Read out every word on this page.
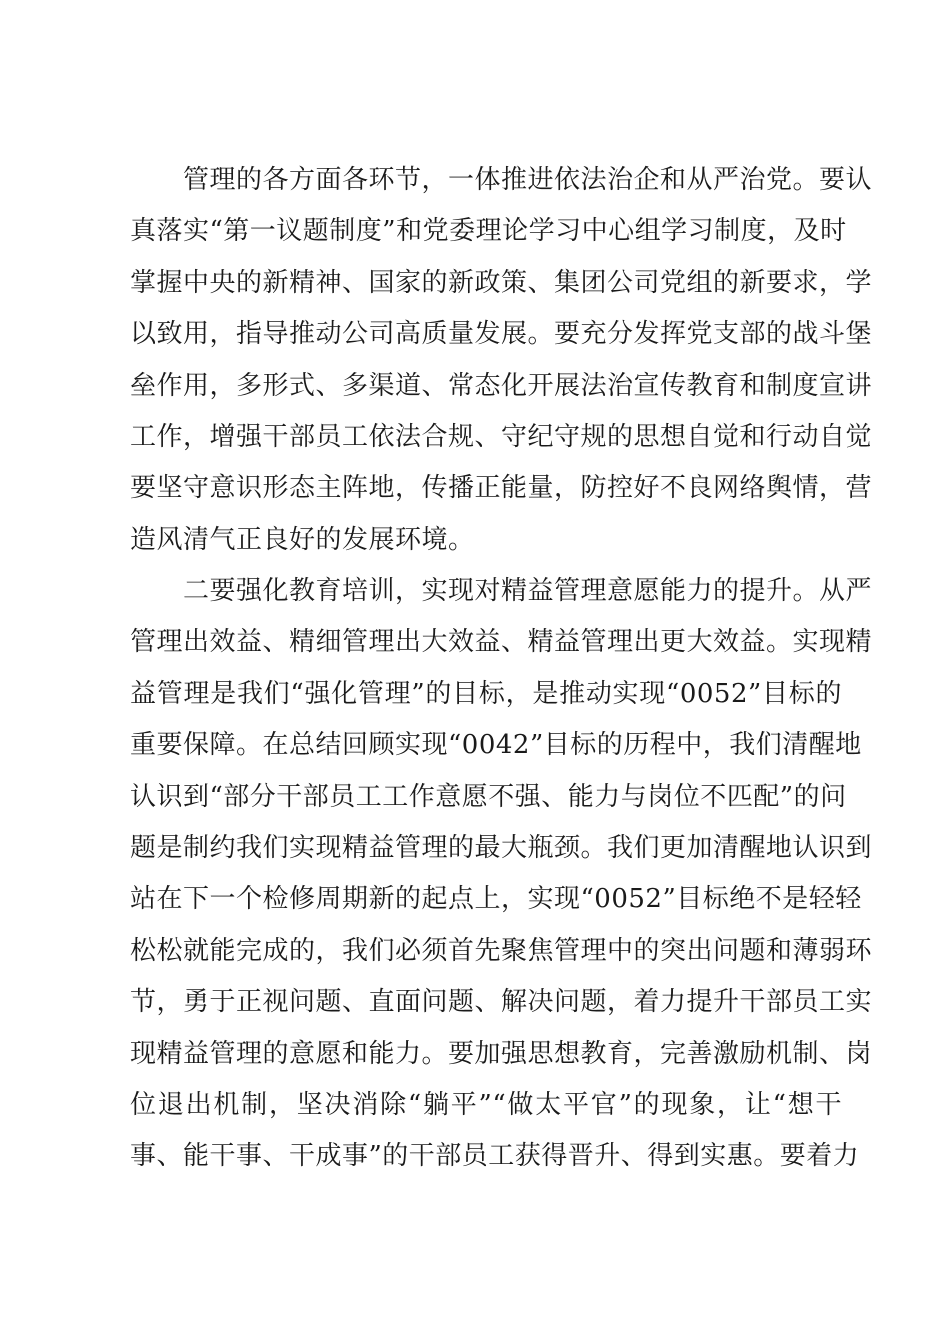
　　管理的各方面各环节，一体推进依法治企和从严治党。要认
真落实“第一议题制度”和党委理论学习中心组学习制度，及时
掌握中央的新精神、国家的新政策、集团公司党组的新要求，学
以致用，指导推动公司高质量发展。要充分发挥党支部的战斗堡
垒作用，多形式、多渠道、常态化开展法治宣传教育和制度宣讲
工作，增强干部员工依法合规、守纪守规的思想自觉和行动自觉
要坚守意识形态主阵地，传播正能量，防控好不良网络舆情，营
造风清气正良好的发展环境。
　　二要强化教育培训，实现对精益管理意愿能力的提升。从严
管理出效益、精细管理出大效益、精益管理出更大效益。实现精
益管理是我们“强化管理”的目标，是推动实现“0052”目标的
重要保障。在总结回顾实现“0042”目标的历程中，我们清醒地
认识到“部分干部员工工作意愿不强、能力与岗位不匹配”的问
题是制约我们实现精益管理的最大瓶颈。我们更加清醒地认识到
站在下一个检修周期新的起点上，实现“0052”目标绝不是轻轻
松松就能完成的，我们必须首先聚焦管理中的突出问题和薄弱环
节，勇于正视问题、直面问题、解决问题，着力提升干部员工实
现精益管理的意愿和能力。要加强思想教育，完善激励机制、岗
位退出机制，坚决消除“躺平”“做太平官”的现象，让“想干
事、能干事、干成事”的干部员工获得晋升、得到实惠。要着力
